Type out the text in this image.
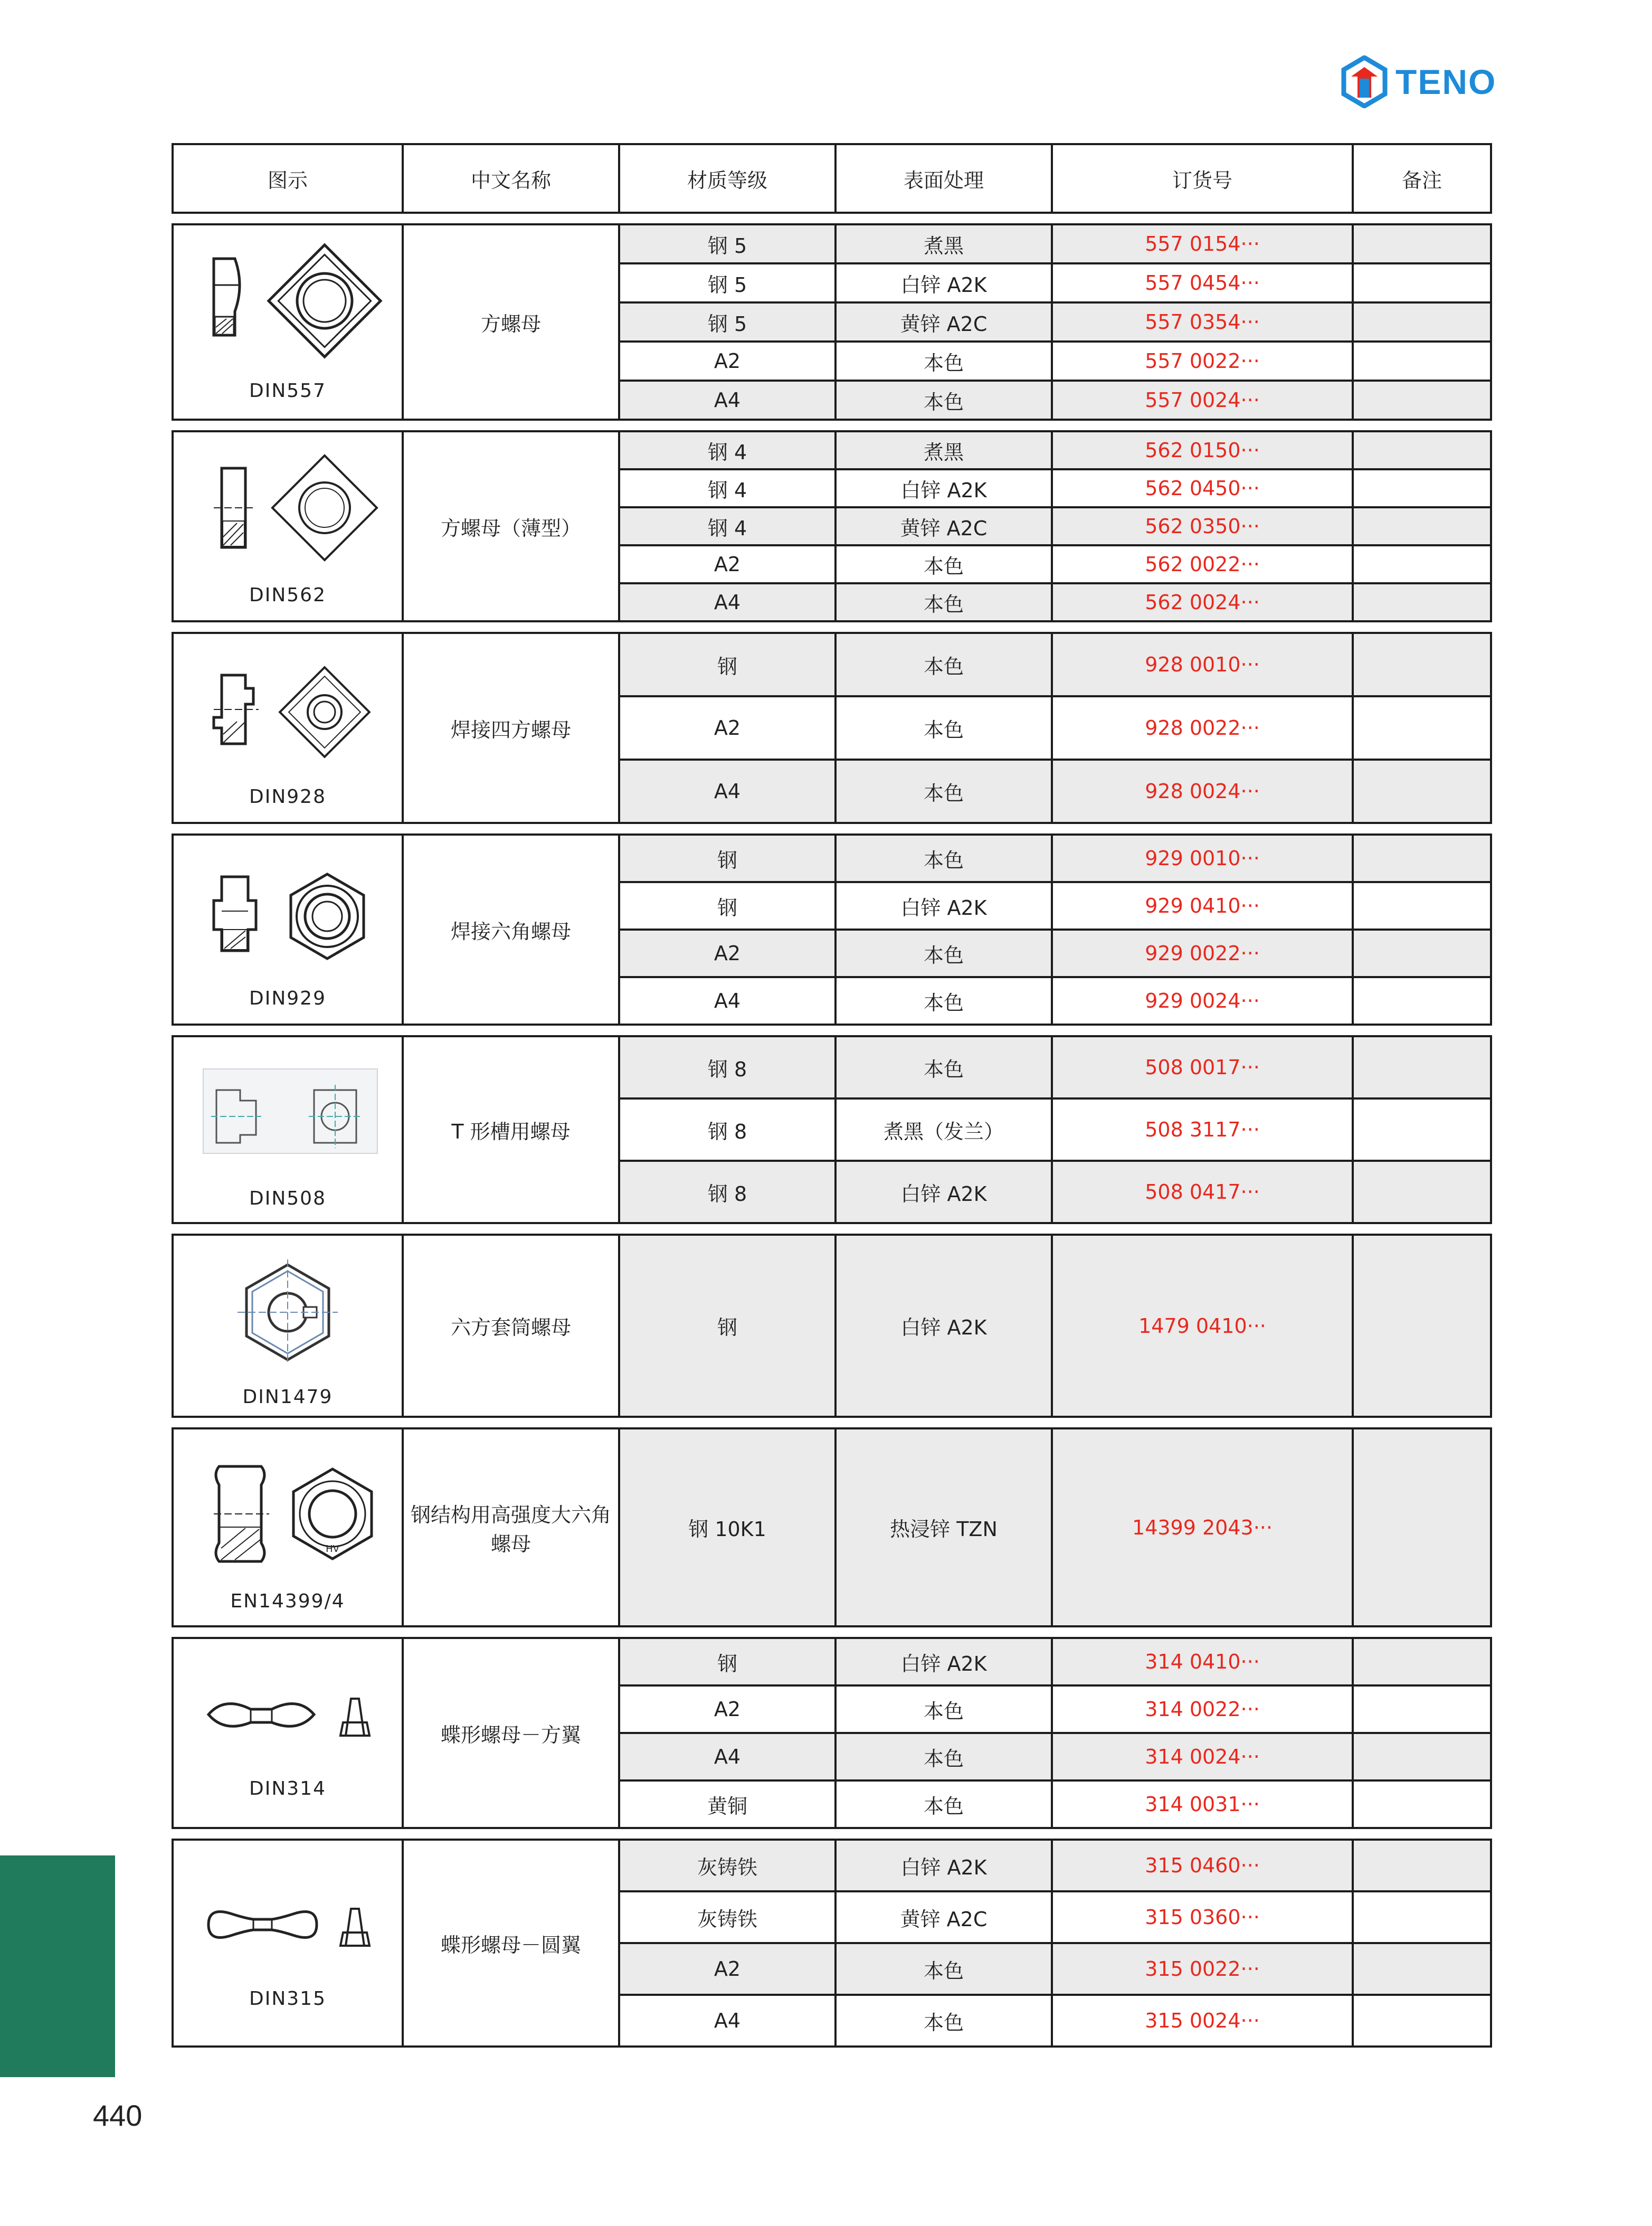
TENO
图示	中文名称	材质等级	表面处理	订货号	备注

DIN557	方螺母	钢 5	煮黑	557 0154···	
		钢 5	白锌 A2K	557 0454···	
		钢 5	黄锌 A2C	557 0354···	
		A2	本色	557 0022···	
		A4	本色	557 0024···	

DIN562	方螺母（薄型）	钢 4	煮黑	562 0150···	
		钢 4	白锌 A2K	562 0450···	
		钢 4	黄锌 A2C	562 0350···	
		A2	本色	562 0022···	
		A4	本色	562 0024···	

DIN928	焊接四方螺母	钢	本色	928 0010···	
		A2	本色	928 0022···	
		A4	本色	928 0024···	

DIN929	焊接六角螺母	钢	本色	929 0010···	
		钢	白锌 A2K	929 0410···	
		A2	本色	929 0022···	
		A4	本色	929 0024···	

DIN508	T 形槽用螺母	钢 8	本色	508 0017···	
		钢 8	煮黑（发兰）	508 3117···	
		钢 8	白锌 A2K	508 0417···	

DIN1479	六方套筒螺母	钢	白锌 A2K	1479 0410···	

HV
EN14399/4	钢结构用高强度大六角螺母	钢 10K1	热浸锌 TZN	14399 2043···	

DIN314	蝶形螺母－方翼	钢	白锌 A2K	314 0410···	
		A2	本色	314 0022···	
		A4	本色	314 0024···	
		黄铜	本色	314 0031···	

DIN315	蝶形螺母－圆翼	灰铸铁	白锌 A2K	315 0460···	
		灰铸铁	黄锌 A2C	315 0360···	
		A2	本色	315 0022···	
		A4	本色	315 0024···	
440
